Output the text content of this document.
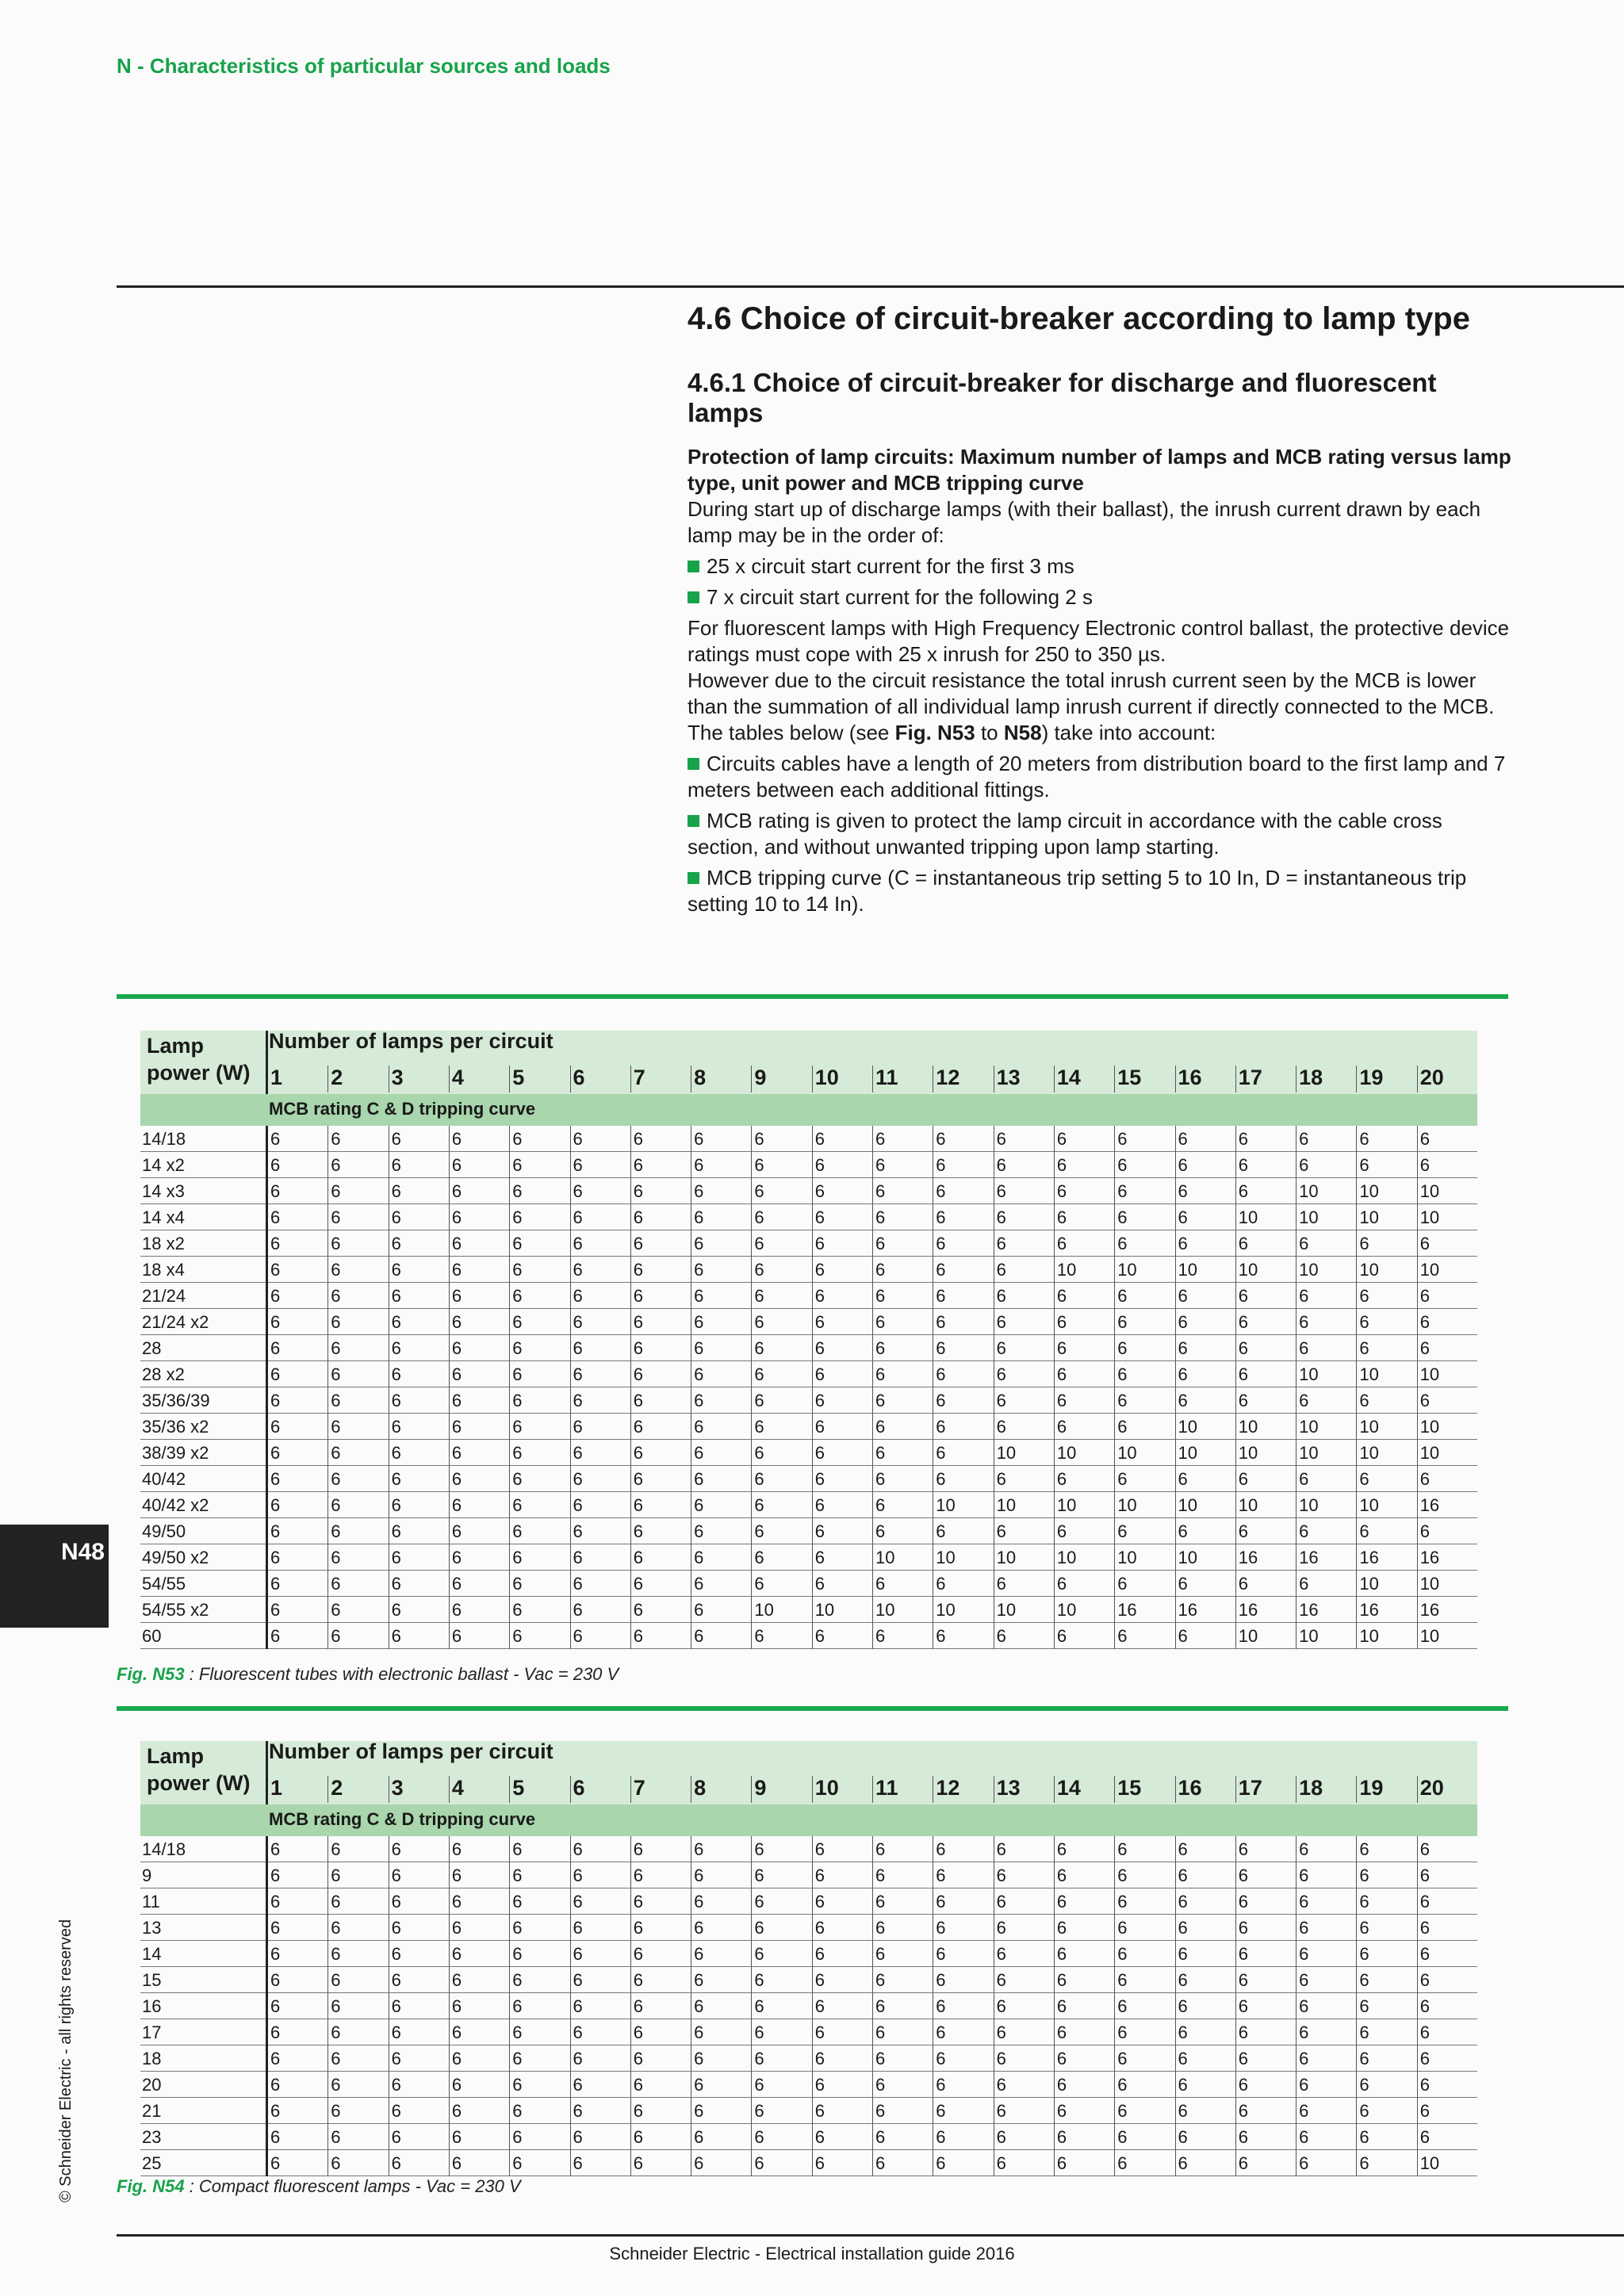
N - Characteristics of particular sources and loads
4.6 Choice of circuit-breaker according to lamp type
4.6.1 Choice of circuit-breaker for discharge and fluorescent lamps

Protection of lamp circuits: Maximum number of lamps and MCB rating versus lamp type, unit power and MCB tripping curve

During start up of discharge lamps (with their ballast), the inrush current drawn by each lamp may be in the order of:

25 x circuit start current for the first 3 ms

7 x circuit start current for the following 2 s

For fluorescent lamps with High Frequency Electronic control ballast, the protective device ratings must cope with 25 x inrush for 250 to 350 µs.

However due to the circuit resistance the total inrush current seen by the MCB is lower than the summation of all individual lamp inrush current if directly connected to the MCB.

The tables below (see Fig. N53 to N58) take into account:

Circuits cables have a length of 20 meters from distribution board to the first lamp and 7 meters between each additional fittings.

MCB rating is given to protect the lamp circuit in accordance with the cable cross section, and without unwanted tripping upon lamp starting.

MCB tripping curve (C = instantaneous trip setting 5 to 10 In, D = instantaneous trip setting 10 to 14 In).

Lamp
power (W)
Number of lamps per circuit
1 2 3 4 5 6 7 8 9 10 11 12 13 14 15 16 17 18 19 20
MCB rating C & D tripping curve
14/18	6	6	6	6	6	6	6	6	6	6	6	6	6	6	6	6	6	6	6	6
14 x2	6	6	6	6	6	6	6	6	6	6	6	6	6	6	6	6	6	6	6	6
14 x3	6	6	6	6	6	6	6	6	6	6	6	6	6	6	6	6	6	10 10 10
14 x4	6	6	6	6	6	6	6	6	6	6	6	6	6	6	6	6	10 10 10 10
18 x2	6	6	6	6	6	6	6	6	6	6	6	6	6	6	6	6	6	6	6	6
18 x4	6	6	6	6	6	6	6	6	6	6	6	6	6	10 10 10 10 10 10 10
21/24	6	6	6	6	6	6	6	6	6	6	6	6	6	6	6	6	6	6	6	6
21/24 x2	6	6	6	6	6	6	6	6	6	6	6	6	6	6	6	6	6	6	6	6
28	6	6	6	6	6	6	6	6	6	6	6	6	6	6	6	6	6	6	6	6
28 x2	6	6	6	6	6	6	6	6	6	6	6	6	6	6	6	6	6	10 10 10
35/36/39	6	6	6	6	6	6	6	6	6	6	6	6	6	6	6	6	6	6	6	6
35/36 x2	6	6	6	6	6	6	6	6	6	6	6	6	6	6	6	10 10 10 10 10
38/39 x2	6	6	6	6	6	6	6	6	6	6	6	6	10 10 10 10 10 10 10 10
40/42	6	6	6	6	6	6	6	6	6	6	6	6	6	6	6	6	6	6	6	6
40/42 x2	6	6	6	6	6	6	6	6	6	6	6	10 10 10 10 10 10 10 10 16
49/50	6	6	6	6	6	6	6	6	6	6	6	6	6	6	6	6	6	6	6	6
49/50 x2	6	6	6	6	6	6	6	6	6	6	10 10 10 10 10 10 16 16 16 16
54/55	6	6	6	6	6	6	6	6	6	6	6	6	6	6	6	6	6	6	10 10
54/55 x2	6	6	6	6	6	6	6	6	10 10 10 10 10 10 16 16 16 16 16 16
60	6	6	6	6	6	6	6	6	6	6	6	6	6	6	6	6	10 10 10 10
Fig. N53 : Fluorescent tubes with electronic ballast - Vac = 230 V
Lamp
power (W)
Number of lamps per circuit
1 2 3 4 5 6 7 8 9 10 11 12 13 14 15 16 17 18 19 20
MCB rating C & D tripping curve
14/18	6	6	6	6	6	6	6	6	6	6	6	6	6	6	6	6	6	6	6	6
9	6	6	6	6	6	6	6	6	6	6	6	6	6	6	6	6	6	6	6	6
11	6	6	6	6	6	6	6	6	6	6	6	6	6	6	6	6	6	6	6	6
13	6	6	6	6	6	6	6	6	6	6	6	6	6	6	6	6	6	6	6	6
14	6	6	6	6	6	6	6	6	6	6	6	6	6	6	6	6	6	6	6	6
15	6	6	6	6	6	6	6	6	6	6	6	6	6	6	6	6	6	6	6	6
16	6	6	6	6	6	6	6	6	6	6	6	6	6	6	6	6	6	6	6	6
17	6	6	6	6	6	6	6	6	6	6	6	6	6	6	6	6	6	6	6	6
18	6	6	6	6	6	6	6	6	6	6	6	6	6	6	6	6	6	6	6	6
20	6	6	6	6	6	6	6	6	6	6	6	6	6	6	6	6	6	6	6	6
21	6	6	6	6	6	6	6	6	6	6	6	6	6	6	6	6	6	6	6	6
23	6	6	6	6	6	6	6	6	6	6	6	6	6	6	6	6	6	6	6	6
25	6	6	6	6	6	6	6	6	6	6	6	6	6	6	6	6	6	6	6	10
Fig. N54 : Compact fluorescent lamps - Vac = 230 V
N48
© Schneider Electric - all rights reserved
Schneider Electric - Electrical installation guide 2016
